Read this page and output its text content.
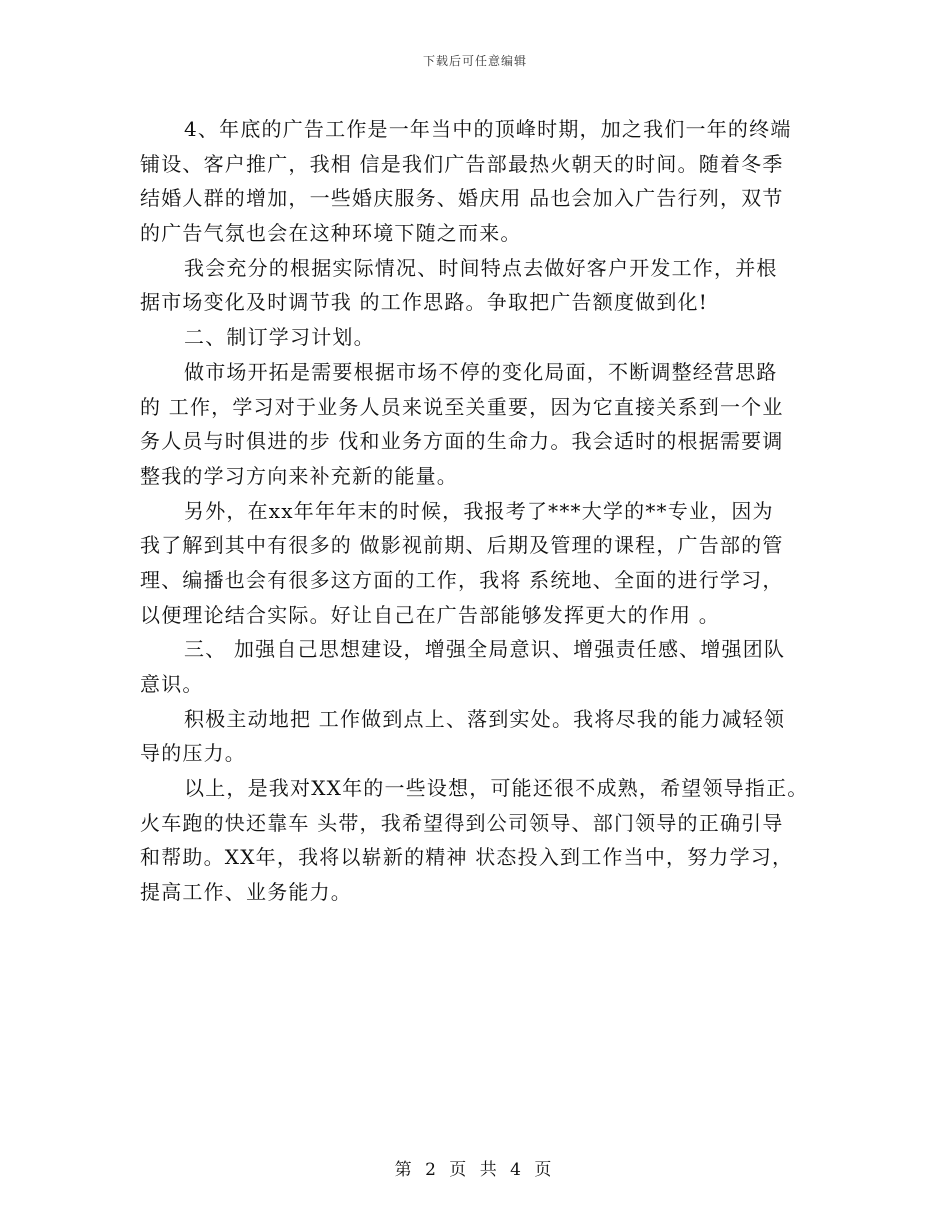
下载后可任意编辑
4、年底的广告工作是一年当中的顶峰时期，加之我们一年的终端
铺设、客户推广，我相 信是我们广告部最热火朝天的时间。随着冬季
结婚人群的增加，一些婚庆服务、婚庆用 品也会加入广告行列，双节
的广告气氛也会在这种环境下随之而来。
我会充分的根据实际情况、时间特点去做好客户开发工作，并根
据市场变化及时调节我 的工作思路。争取把广告额度做到化!
二、制订学习计划。
做市场开拓是需要根据市场不停的变化局面，不断调整经营思路
的 工作，学习对于业务人员来说至关重要，因为它直接关系到一个业
务人员与时俱进的步 伐和业务方面的生命力。我会适时的根据需要调
整我的学习方向来补充新的能量。
另外，在xx年年年末的时候，我报考了***大学的**专业，因为
我了解到其中有很多的 做影视前期、后期及管理的课程，广告部的管
理、编播也会有很多这方面的工作，我将 系统地、全面的进行学习，
以便理论结合实际。好让自己在广告部能够发挥更大的作用 。
三、 加强自己思想建设，增强全局意识、增强责任感、增强团队
意识。
积极主动地把 工作做到点上、落到实处。我将尽我的能力减轻领
导的压力。
以上，是我对XX年的一些设想，可能还很不成熟，希望领导指正。
火车跑的快还靠车 头带，我希望得到公司领导、部门领导的正确引导
和帮助。XX年，我将以崭新的精神 状态投入到工作当中，努力学习，
提高工作、业务能力。
第 2 页 共 4 页
